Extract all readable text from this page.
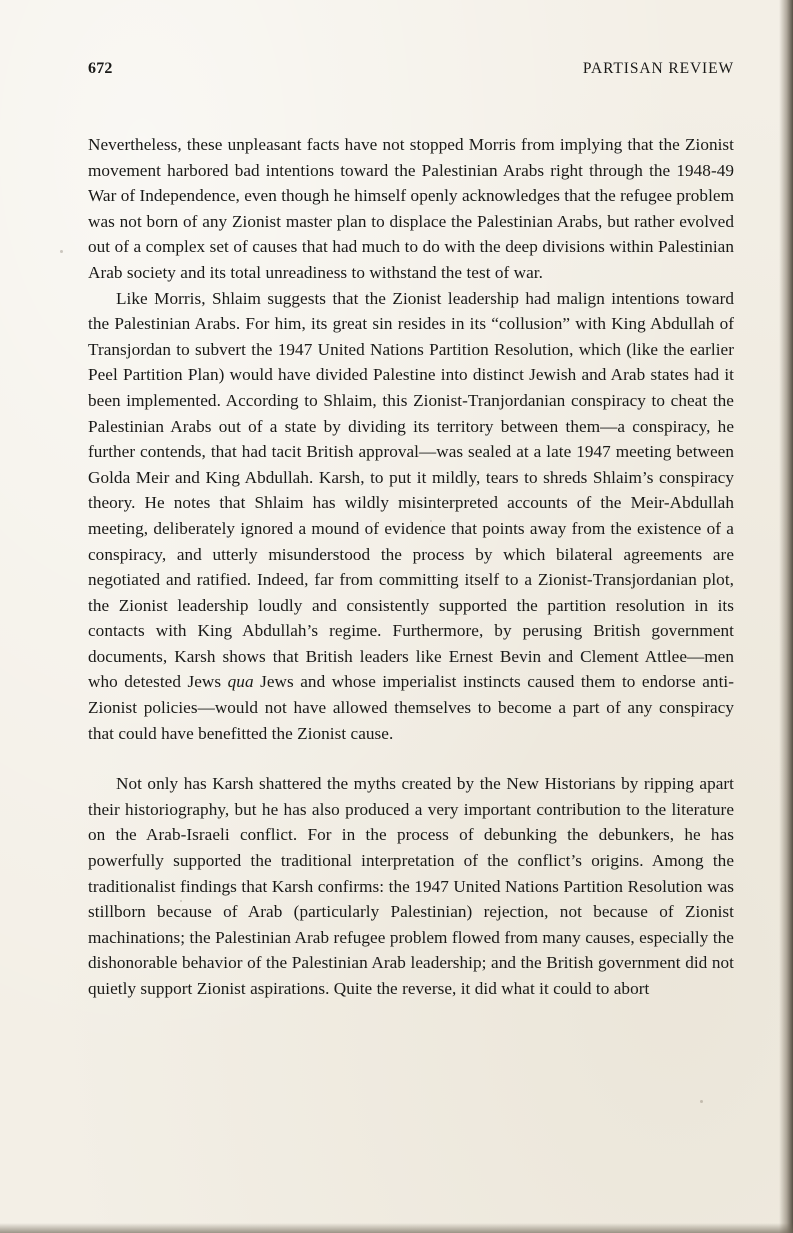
672	PARTISAN REVIEW

Nevertheless, these unpleasant facts have not stopped Morris from implying that the Zionist movement harbored bad intentions toward the Palestinian Arabs right through the 1948-49 War of Independence, even though he himself openly acknowledges that the refugee problem was not born of any Zionist master plan to displace the Palestinian Arabs, but rather evolved out of a complex set of causes that had much to do with the deep divisions within Palestinian Arab society and its total unreadiness to withstand the test of war.

Like Morris, Shlaim suggests that the Zionist leadership had malign intentions toward the Palestinian Arabs. For him, its great sin resides in its “collusion” with King Abdullah of Transjordan to subvert the 1947 United Nations Partition Resolution, which (like the earlier Peel Partition Plan) would have divided Palestine into distinct Jewish and Arab states had it been implemented. According to Shlaim, this Zionist-Tranjordanian conspiracy to cheat the Palestinian Arabs out of a state by dividing its territory between them—a conspiracy, he further contends, that had tacit British approval—was sealed at a late 1947 meeting between Golda Meir and King Abdullah. Karsh, to put it mildly, tears to shreds Shlaim’s conspiracy theory. He notes that Shlaim has wildly misinterpreted accounts of the Meir-Abdullah meeting, deliberately ignored a mound of evidence that points away from the existence of a conspiracy, and utterly misunderstood the process by which bilateral agreements are negotiated and ratified. Indeed, far from committing itself to a Zionist-Transjordanian plot, the Zionist leadership loudly and consistently supported the partition resolution in its contacts with King Abdullah’s regime. Furthermore, by perusing British government documents, Karsh shows that British leaders like Ernest Bevin and Clement Attlee—men who detested Jews qua Jews and whose imperialist instincts caused them to endorse anti-Zionist policies—would not have allowed themselves to become a part of any conspiracy that could have benefitted the Zionist cause.

Not only has Karsh shattered the myths created by the New Historians by ripping apart their historiography, but he has also produced a very important contribution to the literature on the Arab-Israeli conflict. For in the process of debunking the debunkers, he has powerfully supported the traditional interpretation of the conflict’s origins. Among the traditionalist findings that Karsh confirms: the 1947 United Nations Partition Resolution was stillborn because of Arab (particularly Palestinian) rejection, not because of Zionist machinations; the Palestinian Arab refugee problem flowed from many causes, especially the dishonorable behavior of the Palestinian Arab leadership; and the British government did not quietly support Zionist aspirations. Quite the reverse, it did what it could to abort
